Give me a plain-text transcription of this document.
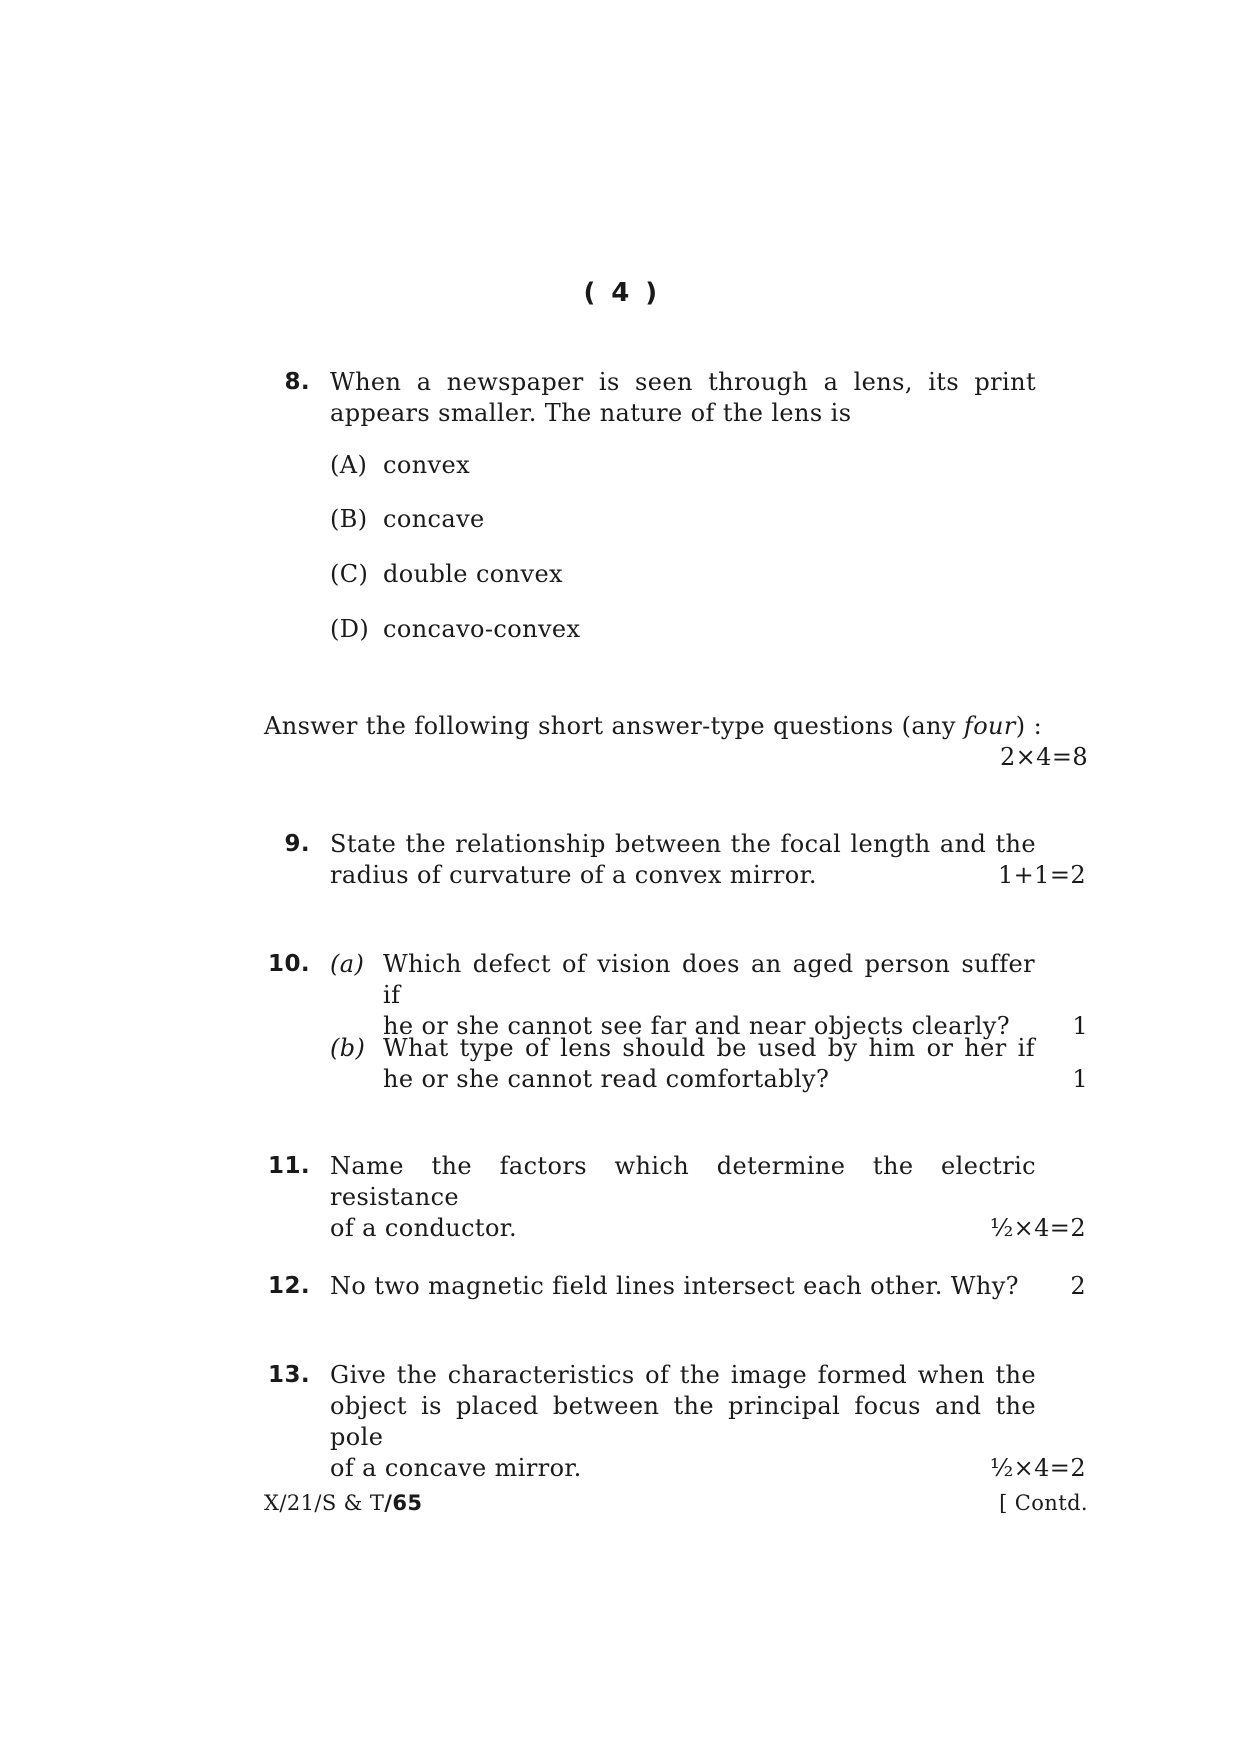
( 4 )
8. When a newspaper is seen through a lens, its print
appears smaller. The nature of the lens is
(A) convex
(B) concave
(C) double convex
(D) concavo-convex
Answer the following short answer-type questions (any four) :
2×4=8
9. State the relationship between the focal length and the
radius of curvature of a convex mirror.	1+1=2
10. (a) Which defect of vision does an aged person suffer if
he or she cannot see far and near objects clearly?	1
(b) What type of lens should be used by him or her if
he or she cannot read comfortably?	1
11. Name the factors which determine the electric resistance
of a conductor.	½×4=2
12. No two magnetic field lines intersect each other. Why?	2
13. Give the characteristics of the image formed when the
object is placed between the principal focus and the pole
of a concave mirror.	½×4=2
X/21/S & T/65	[ Contd.
